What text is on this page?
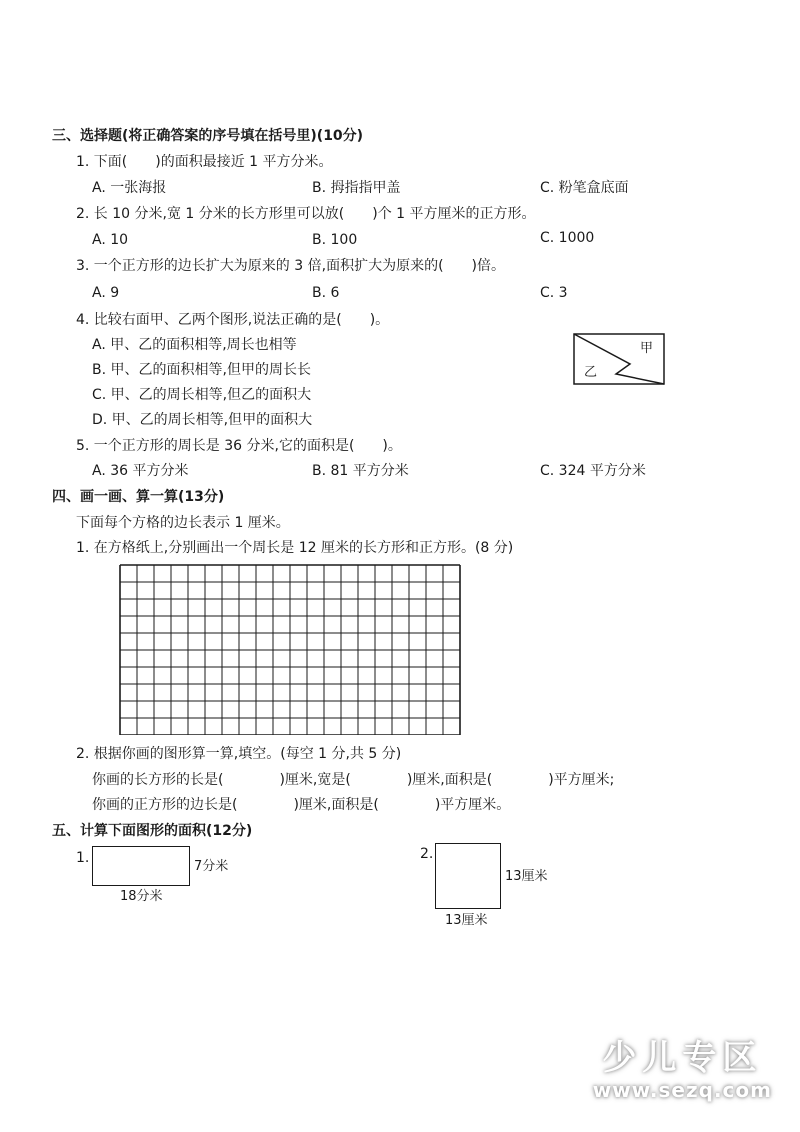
三、选择题(将正确答案的序号填在括号里)(10分)
1. 下面(　　)的面积最接近 1 平方分米。
A. 一张海报	B. 拇指指甲盖	C. 粉笔盒底面
2. 长 10 分米,宽 1 分米的长方形里可以放(　　)个 1 平方厘米的正方形。
A. 10	B. 100	C. 1000
3. 一个正方形的边长扩大为原来的 3 倍,面积扩大为原来的(　　)倍。
A. 9	B. 6	C. 3
4. 比较右面甲、乙两个图形,说法正确的是(　　)。
A. 甲、乙的面积相等,周长也相等
B. 甲、乙的面积相等,但甲的周长长
C. 甲、乙的周长相等,但乙的面积大
D. 甲、乙的周长相等,但甲的面积大
甲
乙
5. 一个正方形的周长是 36 分米,它的面积是(　　)。
A. 36 平方分米	B. 81 平方分米	C. 324 平方分米
四、画一画、算一算(13分)
下面每个方格的边长表示 1 厘米。
1. 在方格纸上,分别画出一个周长是 12 厘米的长方形和正方形。(8 分)
2. 根据你画的图形算一算,填空。(每空 1 分,共 5 分)
你画的长方形的长是(　　　　)厘米,宽是(　　　　)厘米,面积是(　　　　)平方厘米;
你画的正方形的边长是(　　　　)厘米,面积是(　　　　)平方厘米。
五、计算下面图形的面积(12分)
1.
7分米
18分米
2.
13厘米
13厘米
少儿专区
www.sezq.com
